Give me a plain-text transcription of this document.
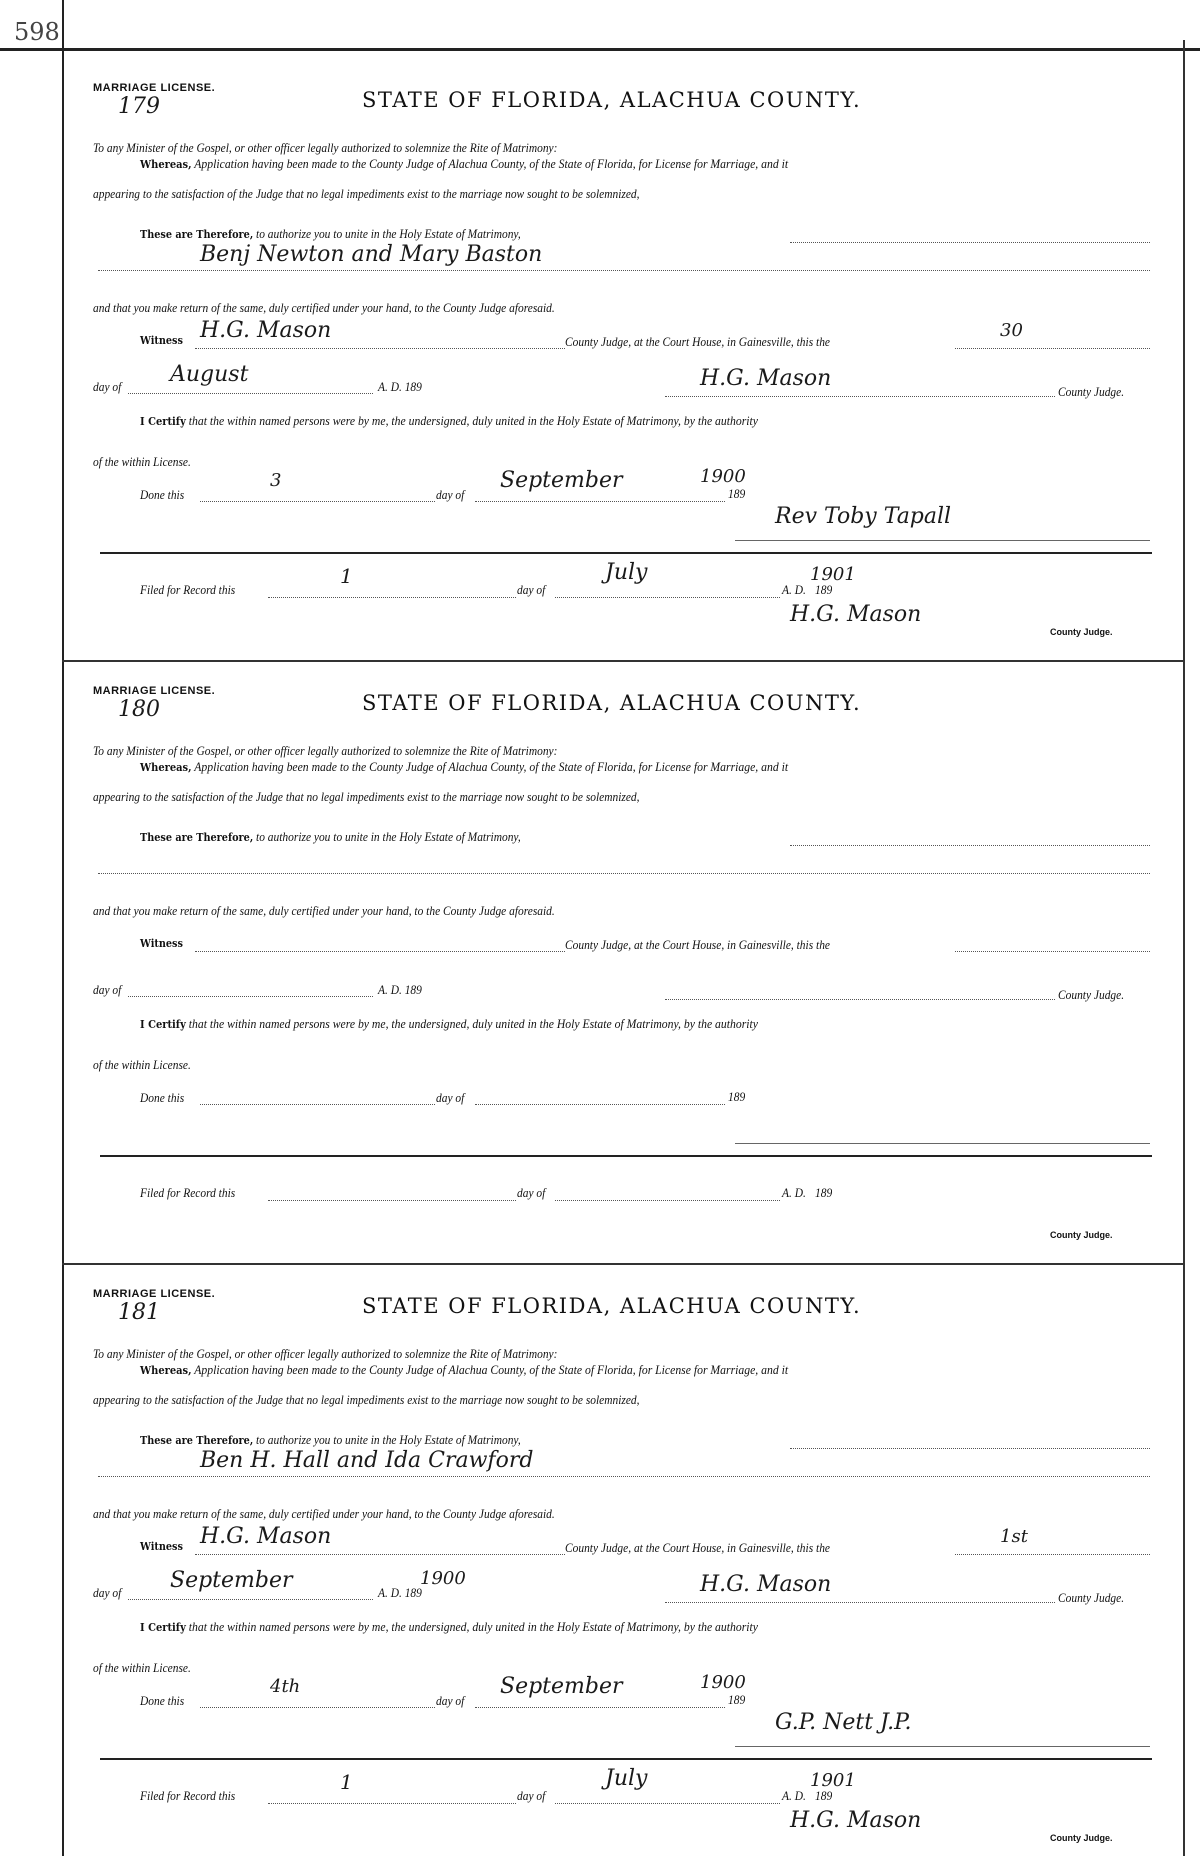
598
MARRIAGE LICENSE.
179	STATE OF FLORIDA, ALACHUA COUNTY.
To any Minister of the Gospel, or other officer legally authorized to solemnize the Rite of Matrimony:
Whereas, Application having been made to the County Judge of Alachua County, of the State of Florida, for License for Marriage, and it
appearing to the satisfaction of the Judge that no legal impediments exist to the marriage now sought to be solemnized,
These are Therefore, to authorize you to unite in the Holy Estate of Matrimony,
Benj Newton and Mary Baston
and that you make return of the same, duly certified under your hand, to the County Judge aforesaid.
Witness H.G. Mason	County Judge, at the Court House, in Gainesville, this the
30
day of August	A. D. 189	H.G. Mason
County Judge.
I Certify that the within named persons were by me, the undersigned, duly united in the Holy Estate of Matrimony, by the authority
of the within License.
Done this
3
day of
September
189
1900
Rev Toby Tapall
Filed for Record this
1
day of
July
A. D. 189
1901
H.G. Mason
County Judge.
MARRIAGE LICENSE.
180	STATE OF FLORIDA, ALACHUA COUNTY.
To any Minister of the Gospel, or other officer legally authorized to solemnize the Rite of Matrimony:
Whereas, Application having been made to the County Judge of Alachua County, of the State of Florida, for License for Marriage, and it
appearing to the satisfaction of the Judge that no legal impediments exist to the marriage now sought to be solemnized,
These are Therefore, to authorize you to unite in the Holy Estate of Matrimony,
and that you make return of the same, duly certified under your hand, to the County Judge aforesaid.
Witness	County Judge, at the Court House, in Gainesville, this the
day of	A. D. 189	County Judge.
I Certify that the within named persons were by me, the undersigned, duly united in the Holy Estate of Matrimony, by the authority
of the within License.
Done this	day of	189
Filed for Record this	day of	A. D. 189
County Judge.
MARRIAGE LICENSE.
181	STATE OF FLORIDA, ALACHUA COUNTY.
To any Minister of the Gospel, or other officer legally authorized to solemnize the Rite of Matrimony:
Whereas, Application having been made to the County Judge of Alachua County, of the State of Florida, for License for Marriage, and it
appearing to the satisfaction of the Judge that no legal impediments exist to the marriage now sought to be solemnized,
These are Therefore, to authorize you to unite in the Holy Estate of Matrimony,
Ben H. Hall and Ida Crawford
and that you make return of the same, duly certified under your hand, to the County Judge aforesaid.
Witness H.G. Mason	County Judge, at the Court House, in Gainesville, this the
1st
day of September	A. D. 189
1900	H.G. Mason
County Judge.
I Certify that the within named persons were by me, the undersigned, duly united in the Holy Estate of Matrimony, by the authority
of the within License.
Done this
4th
day of
September
189
1900
G.P. Nett J.P.
Filed for Record this
1
day of
July
A. D. 189
1901
H.G. Mason
County Judge.
